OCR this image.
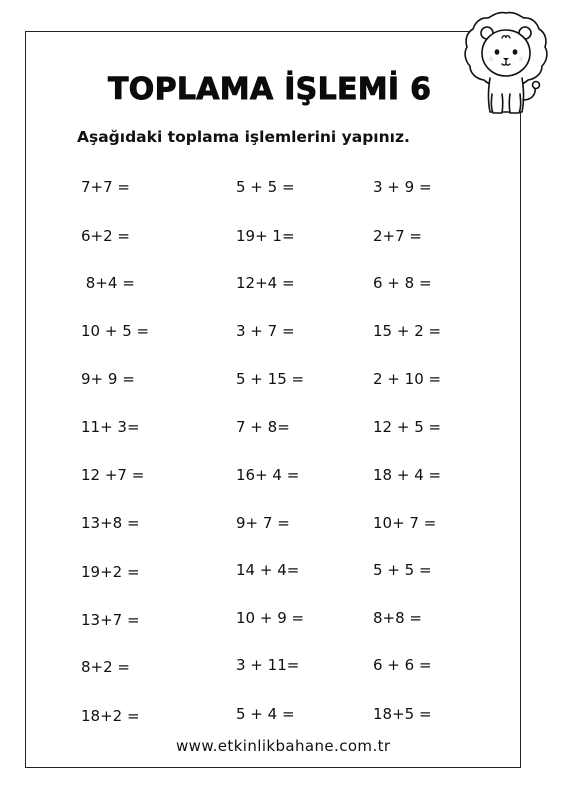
TOPLAMA İŞLEMİ 6
Aşağıdaki toplama işlemlerini yapınız.
7+7 =
6+2 =
8+4 =
10 + 5 =
9+ 9 =
11+ 3=
12 +7 =
13+8 =
19+2 =
13+7 =
8+2 =
18+2 =
5 + 5 =
19+ 1=
12+4 =
3 + 7 =
5 + 15 =
7 + 8=
16+ 4 =
9+ 7 =
14 + 4=
10 + 9 =
3 + 11=
5 + 4 =
3 + 9 =
2+7 =
6 + 8 =
15 + 2 =
2 + 10 =
12 + 5 =
18 + 4 =
10+ 7 =
5 + 5 =
8+8 =
6 + 6 =
18+5 =
www.etkinlikbahane.com.tr
